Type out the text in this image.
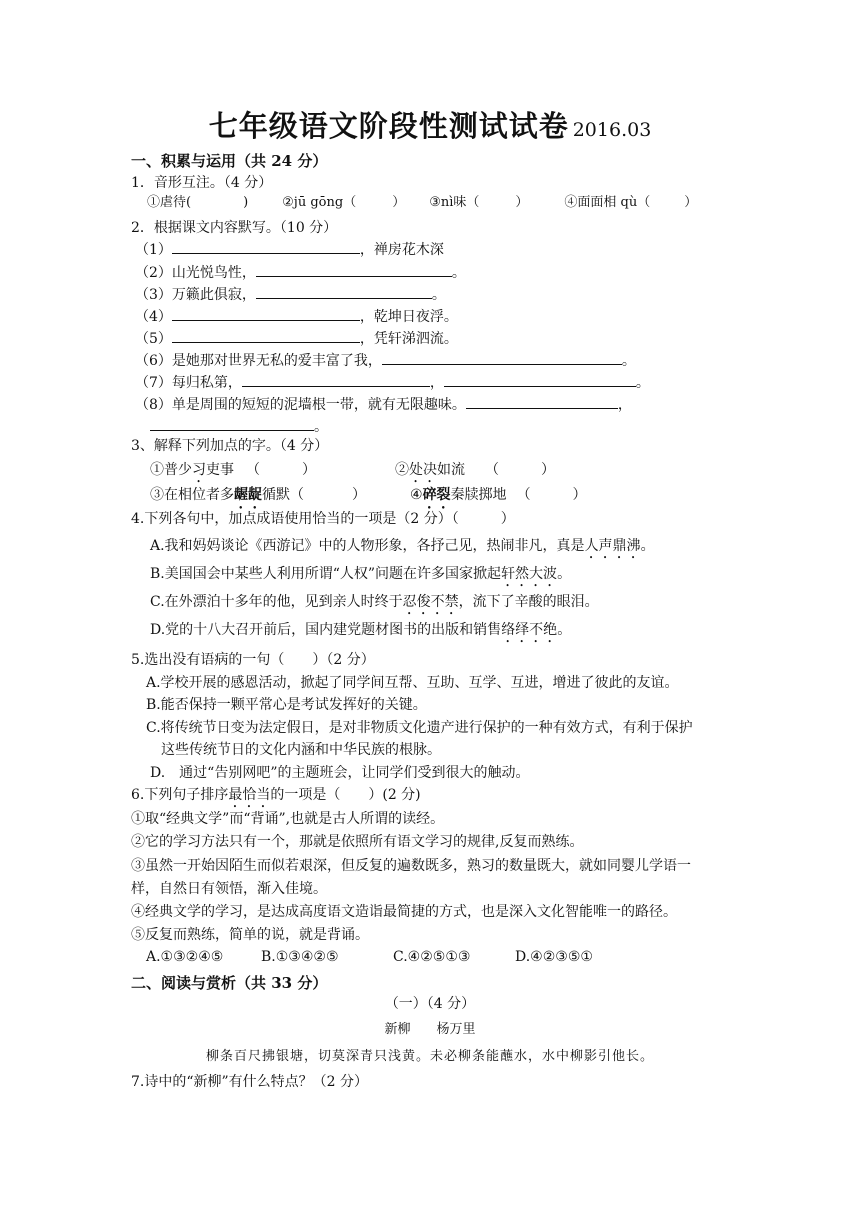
七年级语文阶段性测试试卷 2016.03
一、积累与运用（共 24 分）
1．音形互注。（4 分）
①虐待(	)	②jū gōng（	） ③nì味（	）	④面面相 qù（	）
2．根据课文内容默写。（10 分）
（1）	，禅房花木深
（2）山光悦鸟性，	。
（3）万籁此俱寂，	。
（4）	，乾坤日夜浮。
（5）	，凭轩涕泗流。
（6）是她那对世界无私的爱丰富了我，	。
（7）每归私第，	，	。
（8）单是周围的短短的泥墙根一带，就有无限趣味。	，
。
3、解释下列加点的字。（4 分）
①普少习吏事 （　　　）	②处决如流 （　　　）
③在相位者多龌龊循默（	）	④碎裂秦牍掷地 （　　　）
4.下列各句中，加点成语使用恰当的一项是（2 分）（　　　）
A.我和妈妈谈论《西游记》中的人物形象，各抒己见，热闹非凡，真是人声鼎沸。
B.美国国会中某些人利用所谓“人权”问题在许多国家掀起轩然大波。
C.在外漂泊十多年的他，见到亲人时终于忍俊不禁，流下了辛酸的眼泪。
D.党的十八大召开前后，国内建党题材图书的出版和销售络绎不绝。
5.选出没有语病的一句（　　）（2 分）
A.学校开展的感恩活动，掀起了同学间互帮、互助、互学、互进，增进了彼此的友谊。
B.能否保持一颗平常心是考试发挥好的关键。
C.将传统节日变为法定假日，是对非物质文化遗产进行保护的一种有效方式，有利于保护
这些传统节日的文化内涵和中华民族的根脉。
D.　通过“告别网吧”的主题班会，让同学们受到很大的触动。
6.下列句子排序最恰当的一项是（　　）(2 分)
①取“经典文学”而“背诵”,也就是古人所谓的读经。
②它的学习方法只有一个，那就是依照所有语文学习的规律,反复而熟练。
③虽然一开始因陌生而似若艰深，但反复的遍数既多，熟习的数量既大，就如同婴儿学语一
样，自然日有领悟，渐入佳境。
④经典文学的学习，是达成高度语文造诣最简捷的方式，也是深入文化智能唯一的路径。
⑤反复而熟练，简单的说，就是背诵。
A.①③②④⑤	B.①③④②⑤	C.④②⑤①③	D.④②③⑤①
二、阅读与赏析（共 33 分）
（一）（4 分）
新柳　　杨万里
柳条百尺拂银塘，切莫深青只浅黄。未必柳条能蘸水，水中柳影引他长。
7.诗中的“新柳”有什么特点？（2 分）
